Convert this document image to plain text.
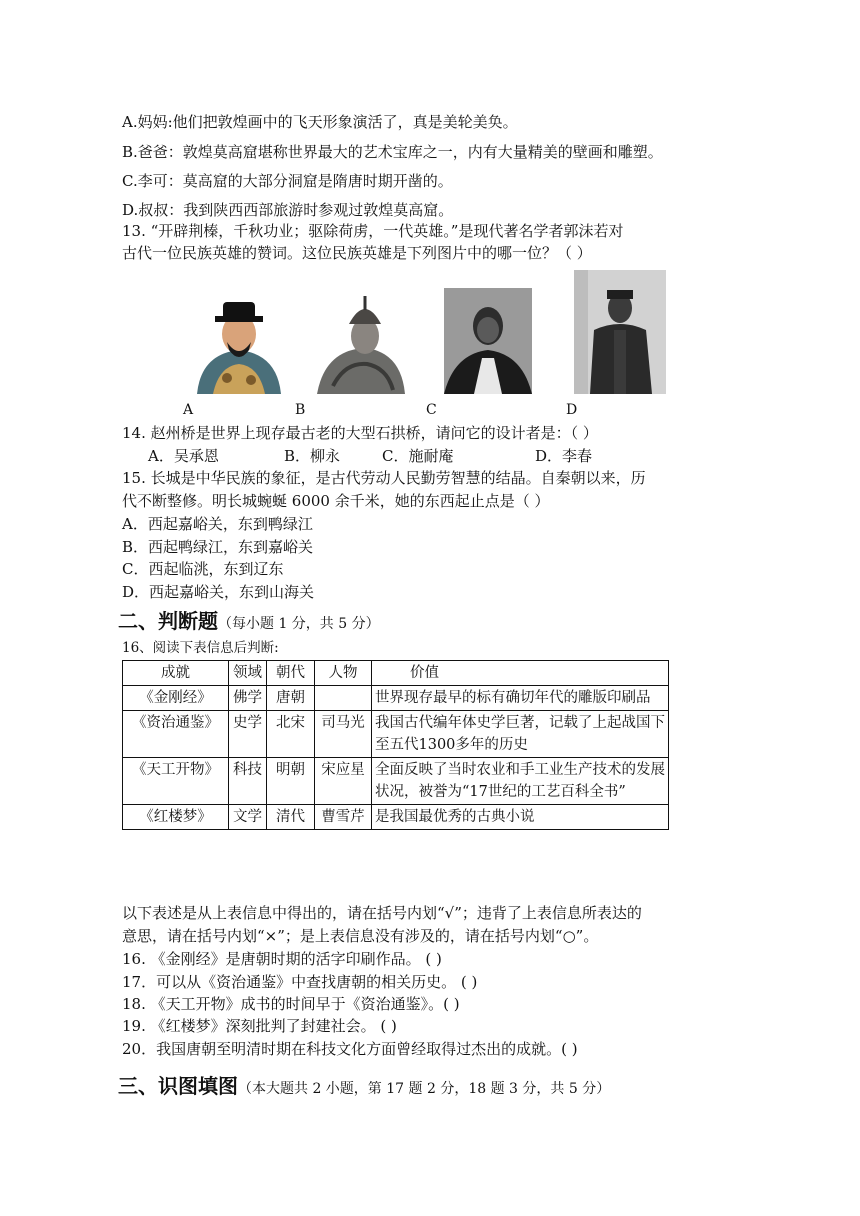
A.妈妈:他们把敦煌画中的飞天形象演活了，真是美轮美奂。
B.爸爸：敦煌莫高窟堪称世界最大的艺术宝库之一，内有大量精美的壁画和雕塑。
C.李可：莫高窟的大部分洞窟是隋唐时期开凿的。
D.叔叔：我到陕西西部旅游时参观过敦煌莫高窟。
13. “开辟荆榛，千秋功业；驱除荷虏，一代英雄。”是现代著名学者郭沫若对
古代一位民族英雄的赞词。这位民族英雄是下列图片中的哪一位？（ ）
A	B	C	D
14. 赵州桥是世界上现存最古老的大型石拱桥，请问它的设计者是：（ ）
A．吴承恩	B．柳永	C．施耐庵	D．李春
15. 长城是中华民族的象征，是古代劳动人民勤劳智慧的结晶。自秦朝以来，历
代不断整修。明长城蜿蜒 6000 余千米，她的东西起止点是（ ）
A．西起嘉峪关，东到鸭绿江
B．西起鸭绿江，东到嘉峪关
C．西起临洮，东到辽东
D．西起嘉峪关，东到山海关
二、判断题（每小题 1 分，共 5 分）
16、阅读下表信息后判断:
成就	领域	朝代	人物	价值
《金刚经》	佛学	唐朝		世界现存最早的标有确切年代的雕版印刷品
《资治通鉴》	史学	北宋	司马光	我国古代编年体史学巨著，记载了上起战国下至五代1300多年的历史
《天工开物》	科技	明朝	宋应星	全面反映了当时农业和手工业生产技术的发展状况，被誉为“17世纪的工艺百科全书”
《红楼梦》	文学	清代	曹雪芹	是我国最优秀的古典小说
以下表述是从上表信息中得出的，请在括号内划“√”；违背了上表信息所表达的
意思，请在括号内划“×”；是上表信息没有涉及的，请在括号内划“○”。
16. 《金刚经》是唐朝时期的活字印刷作品。 ( )
17．可以从《资治通鉴》中查找唐朝的相关历史。 ( )
18. 《天工开物》成书的时间早于《资治通鉴》。( )
19. 《红楼梦》深刻批判了封建社会。 ( )
20．我国唐朝至明清时期在科技文化方面曾经取得过杰出的成就。( )
三、识图填图（本大题共 2 小题，第 17 题 2 分，18 题 3 分，共 5 分）
